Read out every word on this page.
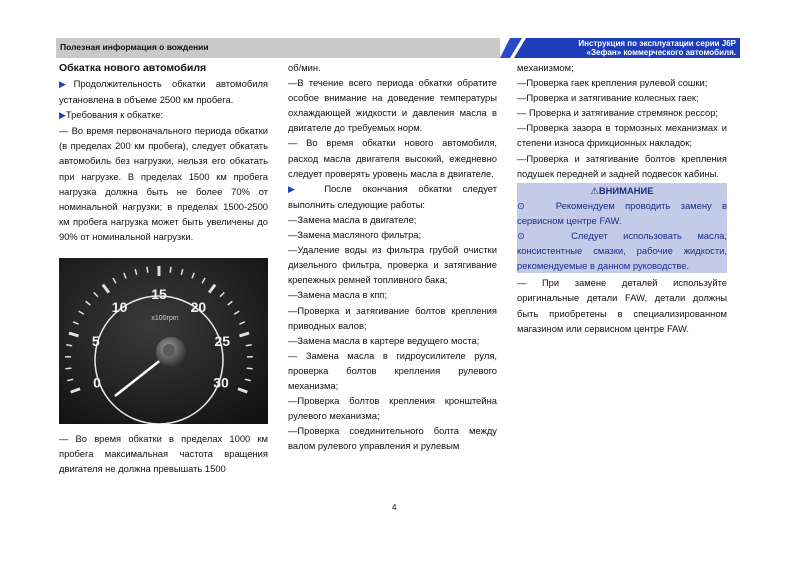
Полезная информация о вождении	Инструкция по эксплуатации серии J6P
«Зефан» коммерческого автомобиля.

Обкатка нового автомобиля

▶Продолжительность обкатки автомобиля установлена в объеме 2500 км пробега.

▶Требования к обкатке:

— Во время первоначального периода обкатки (в пределах 200 км пробега), следует обкатать автомобиль без нагрузки, нельзя его обкатать при нагрузке. В пределах 1500 км пробега нагрузка должна быть не более 70% от номинальной нагрузки; в пределах 1500-2500 км пробега нагрузка может быть увеличены до 90% от номинальной нагрузки.

0
5
10
15
20
25
30
x100rpm

— Во время обкатки в пределах 1000 км пробега максимальная частота вращения двигателя не должна превышать 1500

об/мин.

—В течение всего периода обкатки обратите особое внимание на доведение температуры охлаждающей жидкости и давления масла в двигателе до требуемых норм.

— Во время обкатки нового автомобиля, расход масла двигателя высокий, ежедневно следует проверять уровень масла в двигателе.

▶ После окончания обкатки следует выполнить следующие работы:

—Замена масла в двигателе;

—Замена масляного фильтра;

—Удаление воды из фильтра грубой очистки дизельного фильтра, проверка и затягивание крепежных ремней топливного бака;

—Замена масла в кпп;

—Проверка и затягивание болтов крепления приводных валов;

—Замена масла в картере ведущего моста;

— Замена масла в гидроусилителе руля, проверка болтов крепления рулевого механизма;

—Проверка болтов крепления кронштейна рулевого механизма;

—Проверка соединительного болта между валом рулевого управления и рулевым

механизмом;

—Проверка гаек крепления рулевой сошки;

—Проверка и затягивание колесных гаек;

— Проверка и затягивание стремянок рессор;

—Проверка зазора в тормозных механизмах и степени износа фрикционных накладок;

—Проверка и затягивание болтов крепления подушек передней и задней подвесок кабины.

⚠ВНИМАНИЕ

⊙	Рекомендуем проводить замену в сервисном центре FAW.

⊙	Следует использовать масла, консистентные смазки, рабочие жидкости, рекомендуемые в данном руководстве.

— При замене деталей используйте оригинальные детали FAW, детали должны быть приобретены в специализированном магазином или сервисном центре FAW.

4
